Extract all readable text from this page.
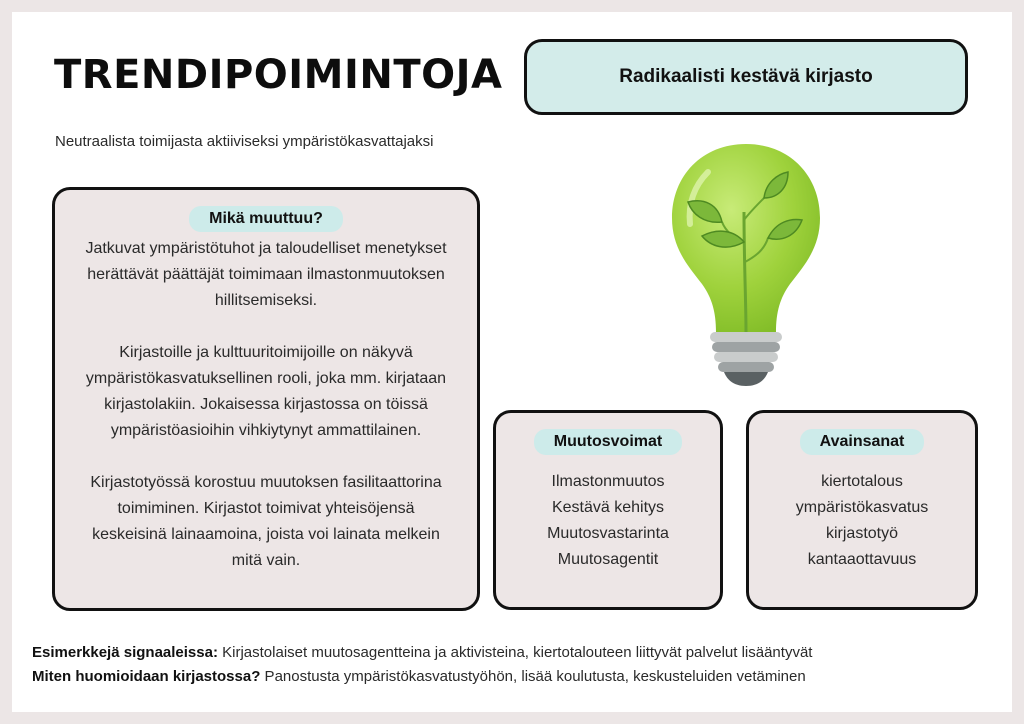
TRENDIPOIMINTOJA

Neutraalista toimijasta aktiiviseksi ympäristökasvattajaksi

Radikaalisti kestävä kirjasto
Mikä muuttuu?

Jatkuvat ympäristötuhot ja taloudelliset menetykset herättävät päättäjät toimimaan ilmastonmuutoksen hillitsemiseksi.

Kirjastoille ja kulttuuritoimijoille on näkyvä ympäristökasvatuksellinen rooli, joka mm. kirjataan kirjastolakiin. Jokaisessa kirjastossa on töissä ympäristöasioihin vihkiytynyt ammattilainen.

Kirjastotyössä korostuu muutoksen fasilitaattorina toimiminen. Kirjastot toimivat yhteisöjensä keskeisinä lainaamoina, joista voi lainata melkein mitä vain.

Muutosvoimat
Ilmastonmuutos
Kestävä kehitys
Muutosvastarinta
Muutosagentit
Avainsanat
kiertotalous
ympäristökasvatus
kirjastotyö
kantaaottavuus

Esimerkkejä signaaleissa: Kirjastolaiset muutosagentteina ja aktivisteina, kiertotalouteen liittyvät palvelut lisääntyvät

Miten huomioidaan kirjastossa? Panostusta ympäristökasvatustyöhön, lisää koulutusta, keskusteluiden vetäminen
